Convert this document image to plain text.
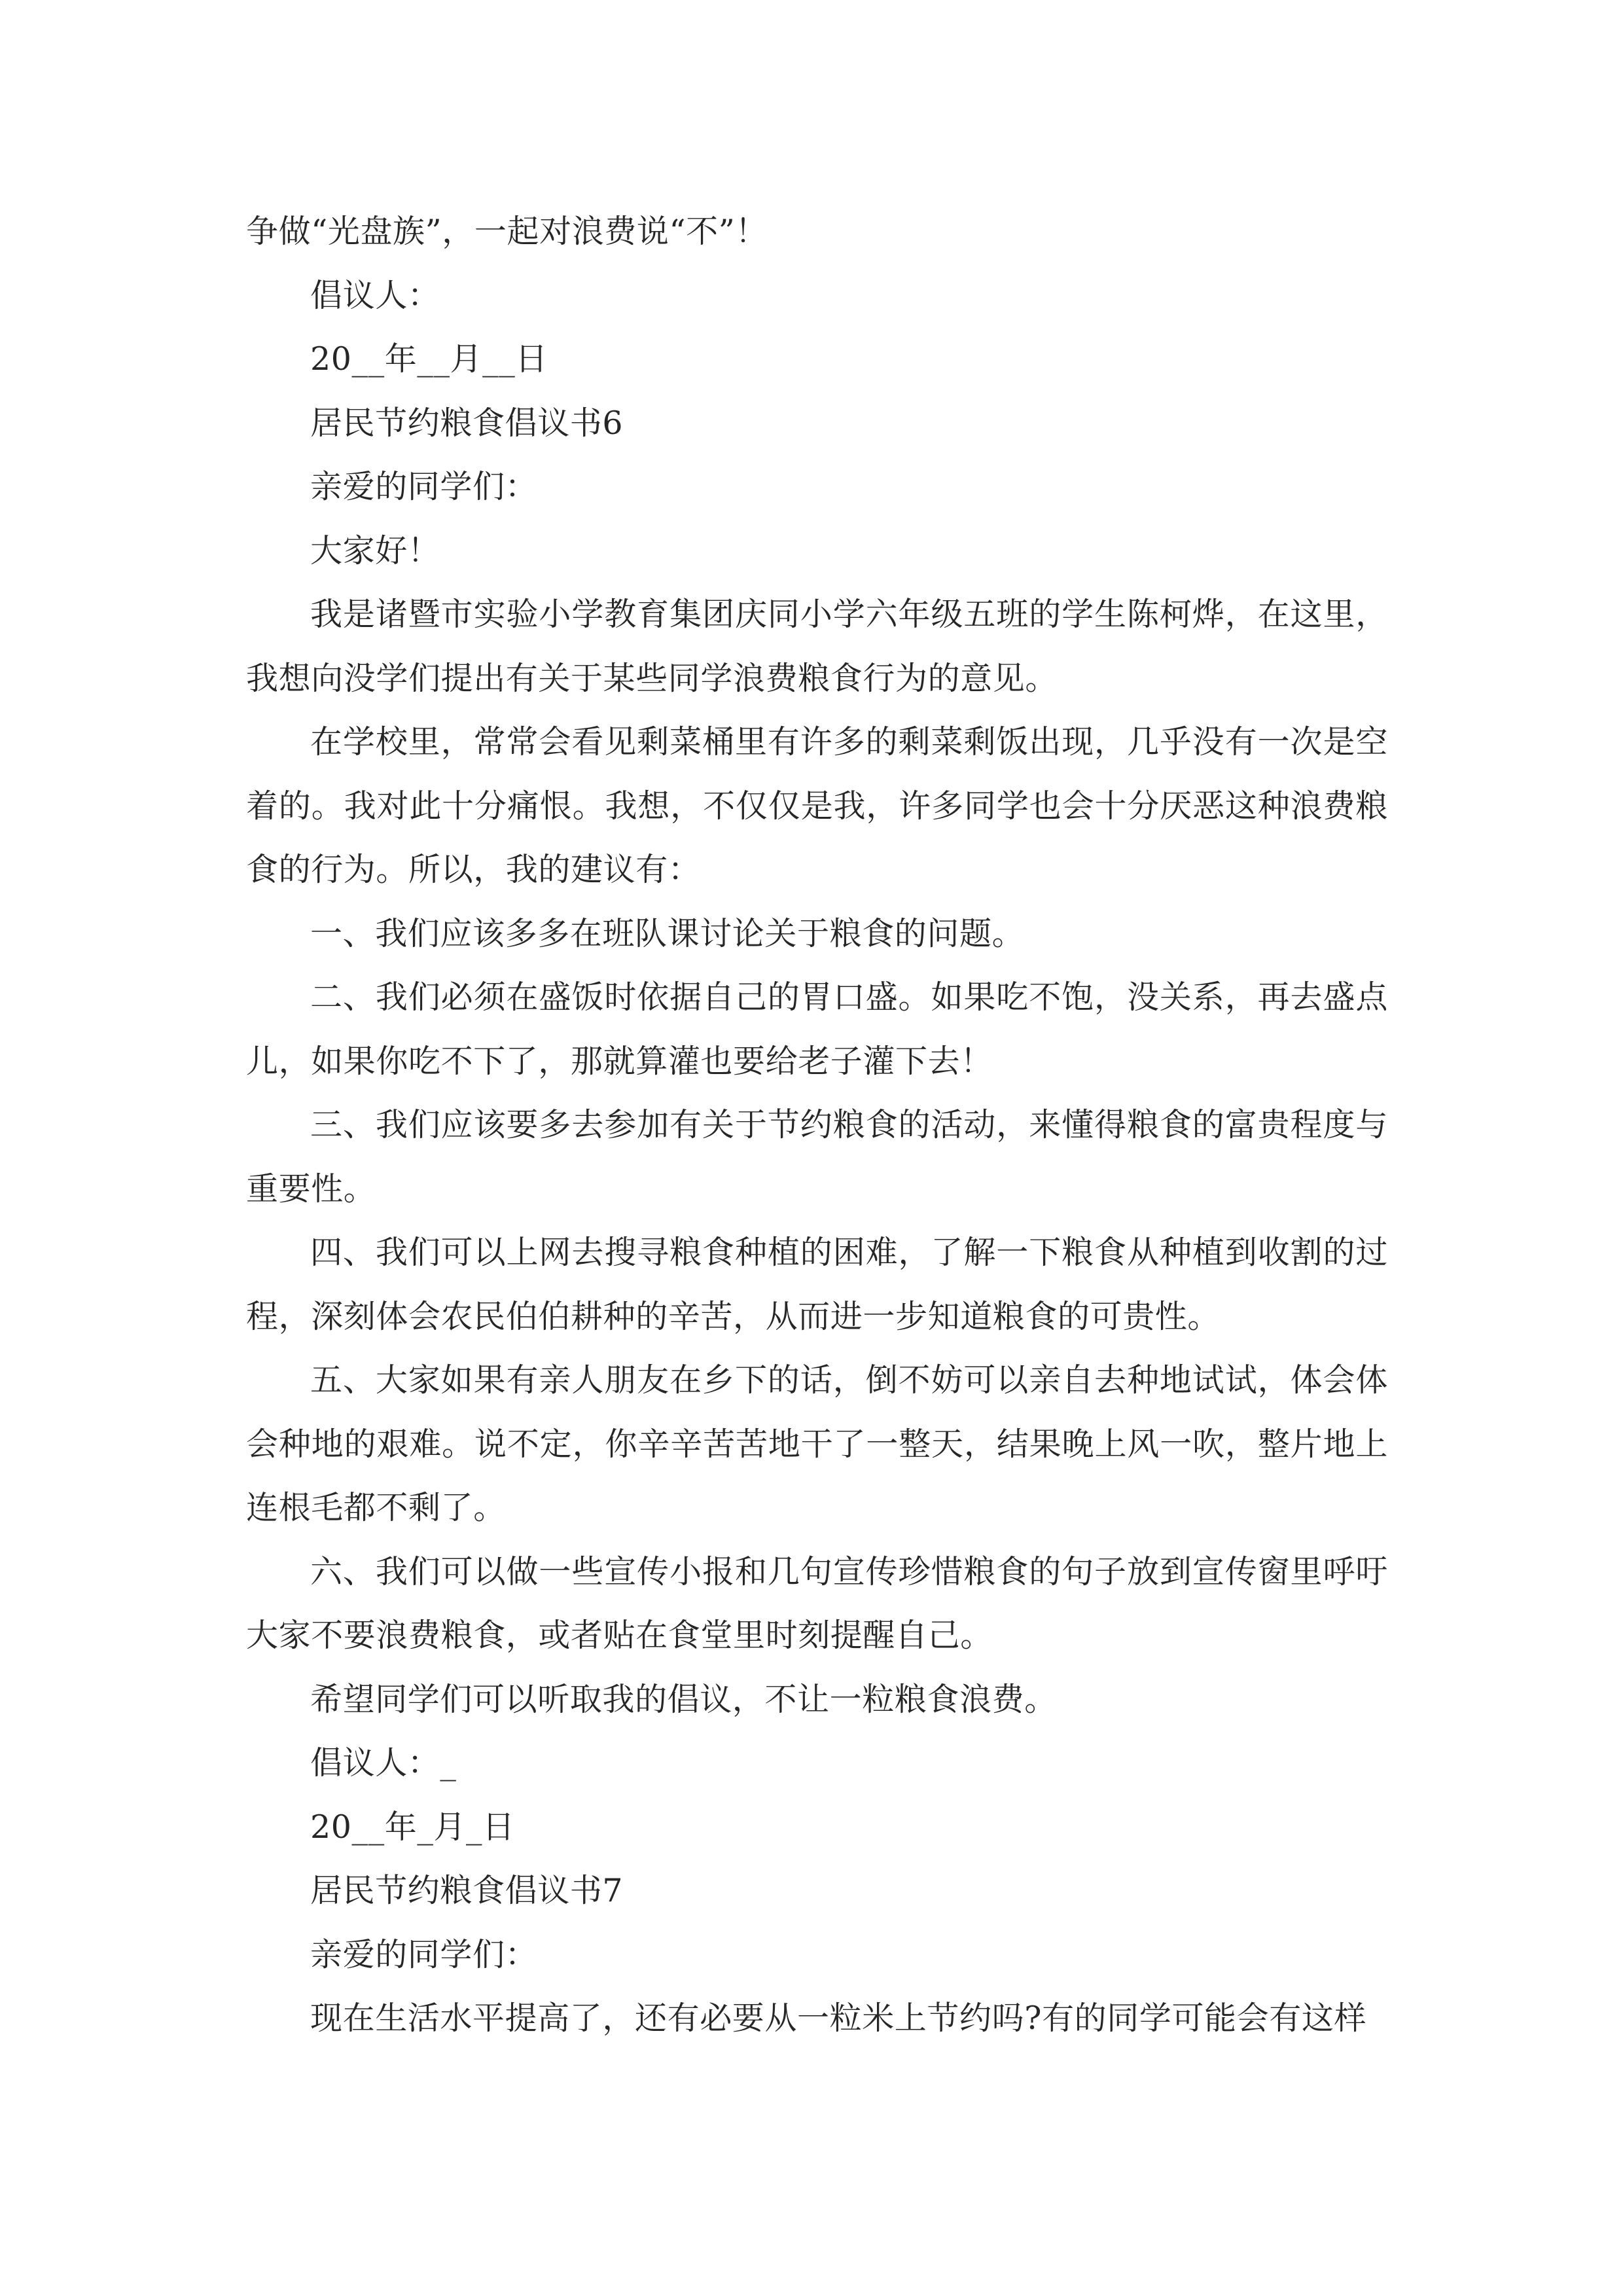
争做“光盘族”，一起对浪费说“不”！

倡议人：

20__年__月__日

居民节约粮食倡议书6

亲爱的同学们：

大家好！

我是诸暨市实验小学教育集团庆同小学六年级五班的学生陈柯烨，在这里，我想向没学们提出有关于某些同学浪费粮食行为的意见。

在学校里，常常会看见剩菜桶里有许多的剩菜剩饭出现，几乎没有一次是空着的。我对此十分痛恨。我想，不仅仅是我，许多同学也会十分厌恶这种浪费粮食的行为。所以，我的建议有：

一、我们应该多多在班队课讨论关于粮食的问题。

二、我们必须在盛饭时依据自己的胃口盛。如果吃不饱，没关系，再去盛点儿，如果你吃不下了，那就算灌也要给老子灌下去！

三、我们应该要多去参加有关于节约粮食的活动，来懂得粮食的富贵程度与重要性。

四、我们可以上网去搜寻粮食种植的困难，了解一下粮食从种植到收割的过程，深刻体会农民伯伯耕种的辛苦，从而进一步知道粮食的可贵性。

五、大家如果有亲人朋友在乡下的话，倒不妨可以亲自去种地试试，体会体会种地的艰难。说不定，你辛辛苦苦地干了一整天，结果晚上风一吹，整片地上连根毛都不剩了。

六、我们可以做一些宣传小报和几句宣传珍惜粮食的句子放到宣传窗里呼吁大家不要浪费粮食，或者贴在食堂里时刻提醒自己。

希望同学们可以听取我的倡议，不让一粒粮食浪费。

倡议人：_

20__年_月_日

居民节约粮食倡议书7

亲爱的同学们：

现在生活水平提高了，还有必要从一粒米上节约吗?有的同学可能会有这样
